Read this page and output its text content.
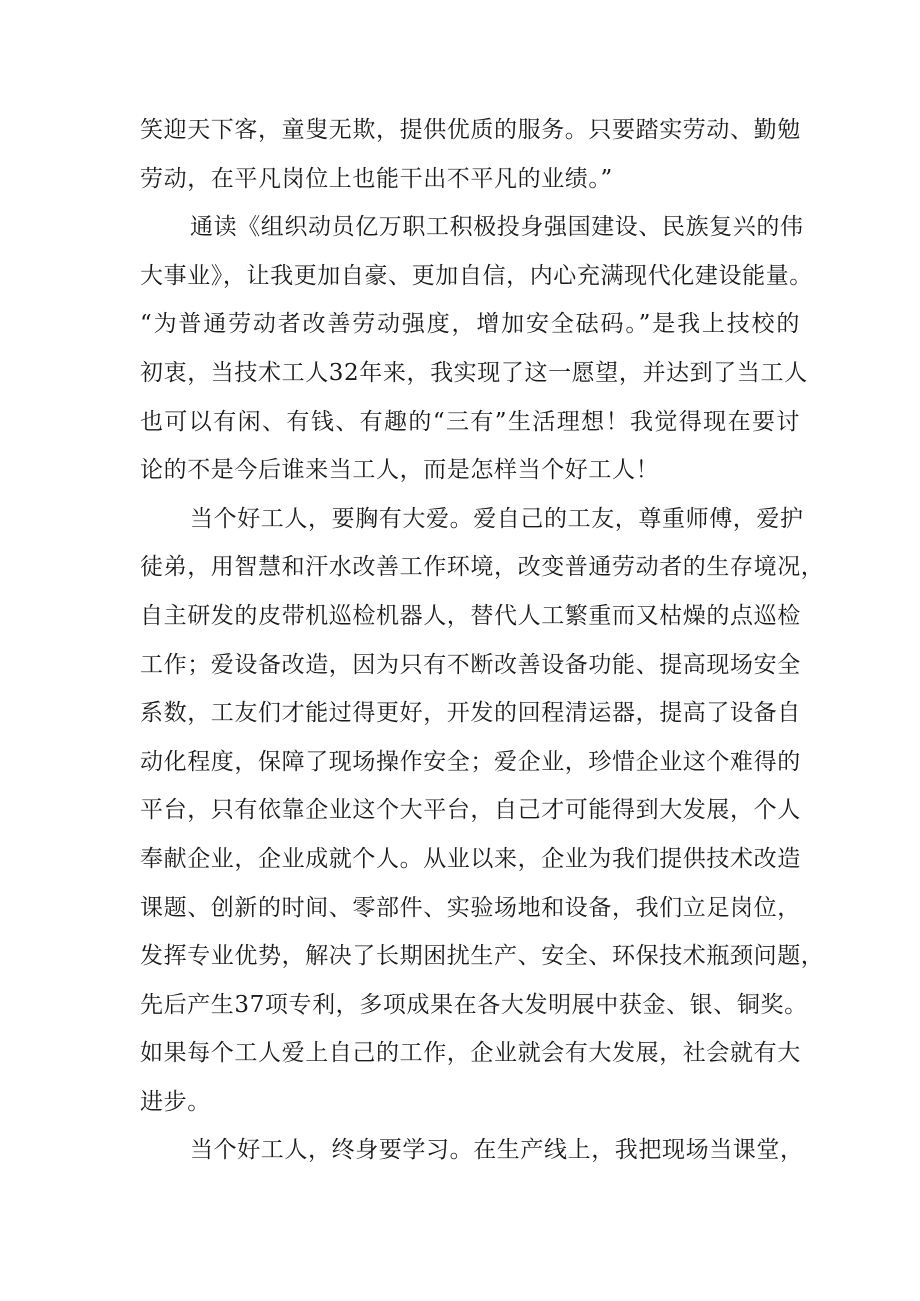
笑迎天下客，童叟无欺，提供优质的服务。只要踏实劳动、勤勉
劳动，在平凡岗位上也能干出不平凡的业绩。”
通读《组织动员亿万职工积极投身强国建设、民族复兴的伟
大事业》，让我更加自豪、更加自信，内心充满现代化建设能量。
“为普通劳动者改善劳动强度，增加安全砝码。”是我上技校的
初衷，当技术工人32年来，我实现了这一愿望，并达到了当工人
也可以有闲、有钱、有趣的“三有”生活理想！我觉得现在要讨
论的不是今后谁来当工人，而是怎样当个好工人！
当个好工人，要胸有大爱。爱自己的工友，尊重师傅，爱护
徒弟，用智慧和汗水改善工作环境，改变普通劳动者的生存境况，
自主研发的皮带机巡检机器人，替代人工繁重而又枯燥的点巡检
工作；爱设备改造，因为只有不断改善设备功能、提高现场安全
系数，工友们才能过得更好，开发的回程清运器，提高了设备自
动化程度，保障了现场操作安全；爱企业，珍惜企业这个难得的
平台，只有依靠企业这个大平台，自己才可能得到大发展，个人
奉献企业，企业成就个人。从业以来，企业为我们提供技术改造
课题、创新的时间、零部件、实验场地和设备，我们立足岗位，
发挥专业优势，解决了长期困扰生产、安全、环保技术瓶颈问题，
先后产生37项专利，多项成果在各大发明展中获金、银、铜奖。
如果每个工人爱上自己的工作，企业就会有大发展，社会就有大
进步。
当个好工人，终身要学习。在生产线上，我把现场当课堂，
